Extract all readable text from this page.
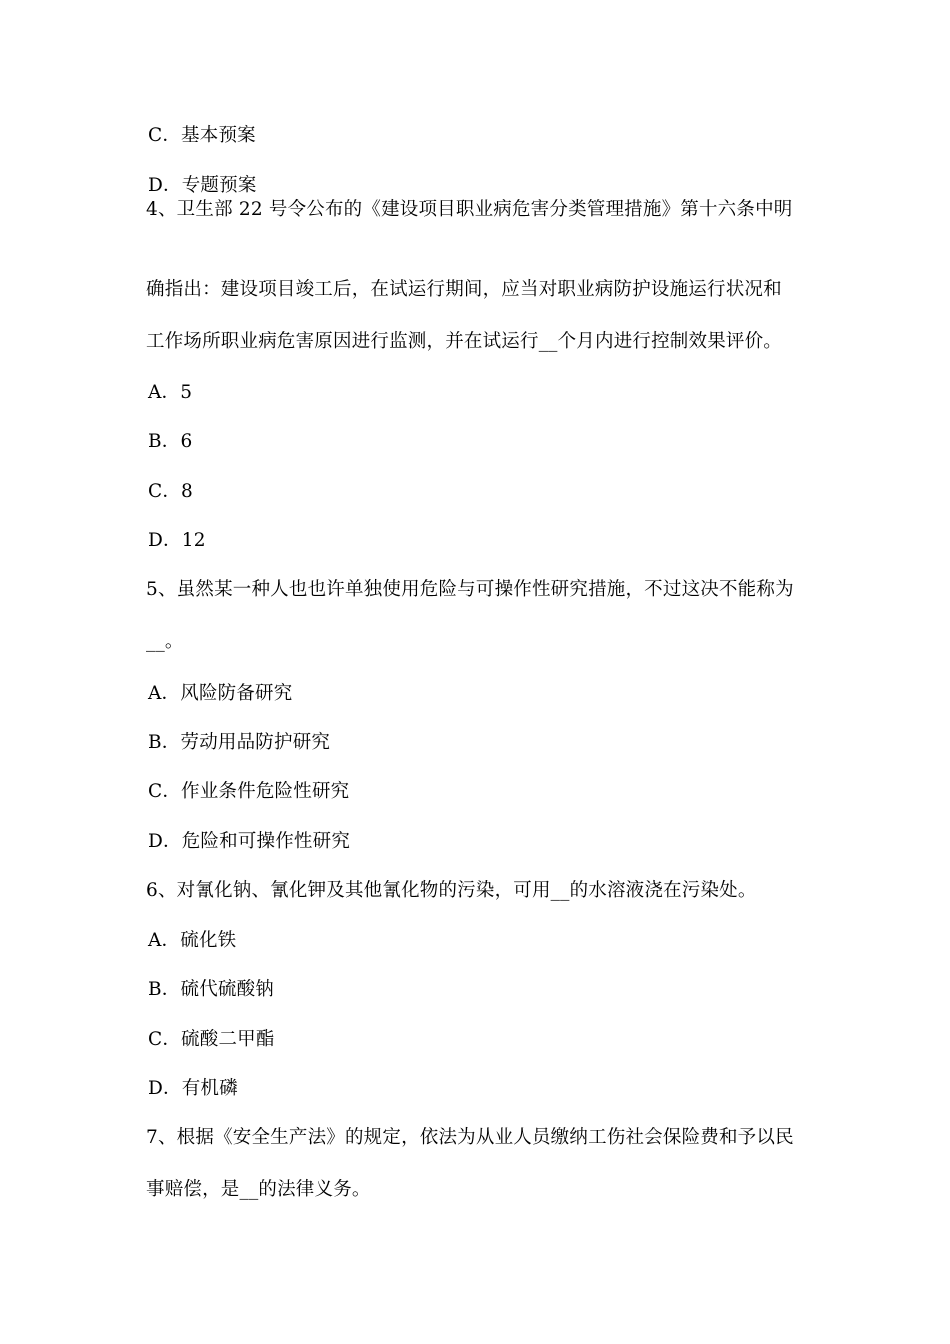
C．基本预案
D．专题预案
4、卫生部 22 号令公布的《建设项目职业病危害分类管理措施》第十六条中明
确指出：建设项目竣工后，在试运行期间，应当对职业病防护设施运行状况和
工作场所职业病危害原因进行监测，并在试运行__个月内进行控制效果评价。
A．5
B．6
C．8
D．12
5、虽然某一种人也也许单独使用危险与可操作性研究措施，不过这决不能称为
__。
A．风险防备研究
B．劳动用品防护研究
C．作业条件危险性研究
D．危险和可操作性研究
6、对氰化钠、氰化钾及其他氰化物的污染，可用__的水溶液浇在污染处。
A．硫化铁
B．硫代硫酸钠
C．硫酸二甲酯
D．有机磷
7、根据《安全生产法》的规定，依法为从业人员缴纳工伤社会保险费和予以民
事赔偿，是__的法律义务。
